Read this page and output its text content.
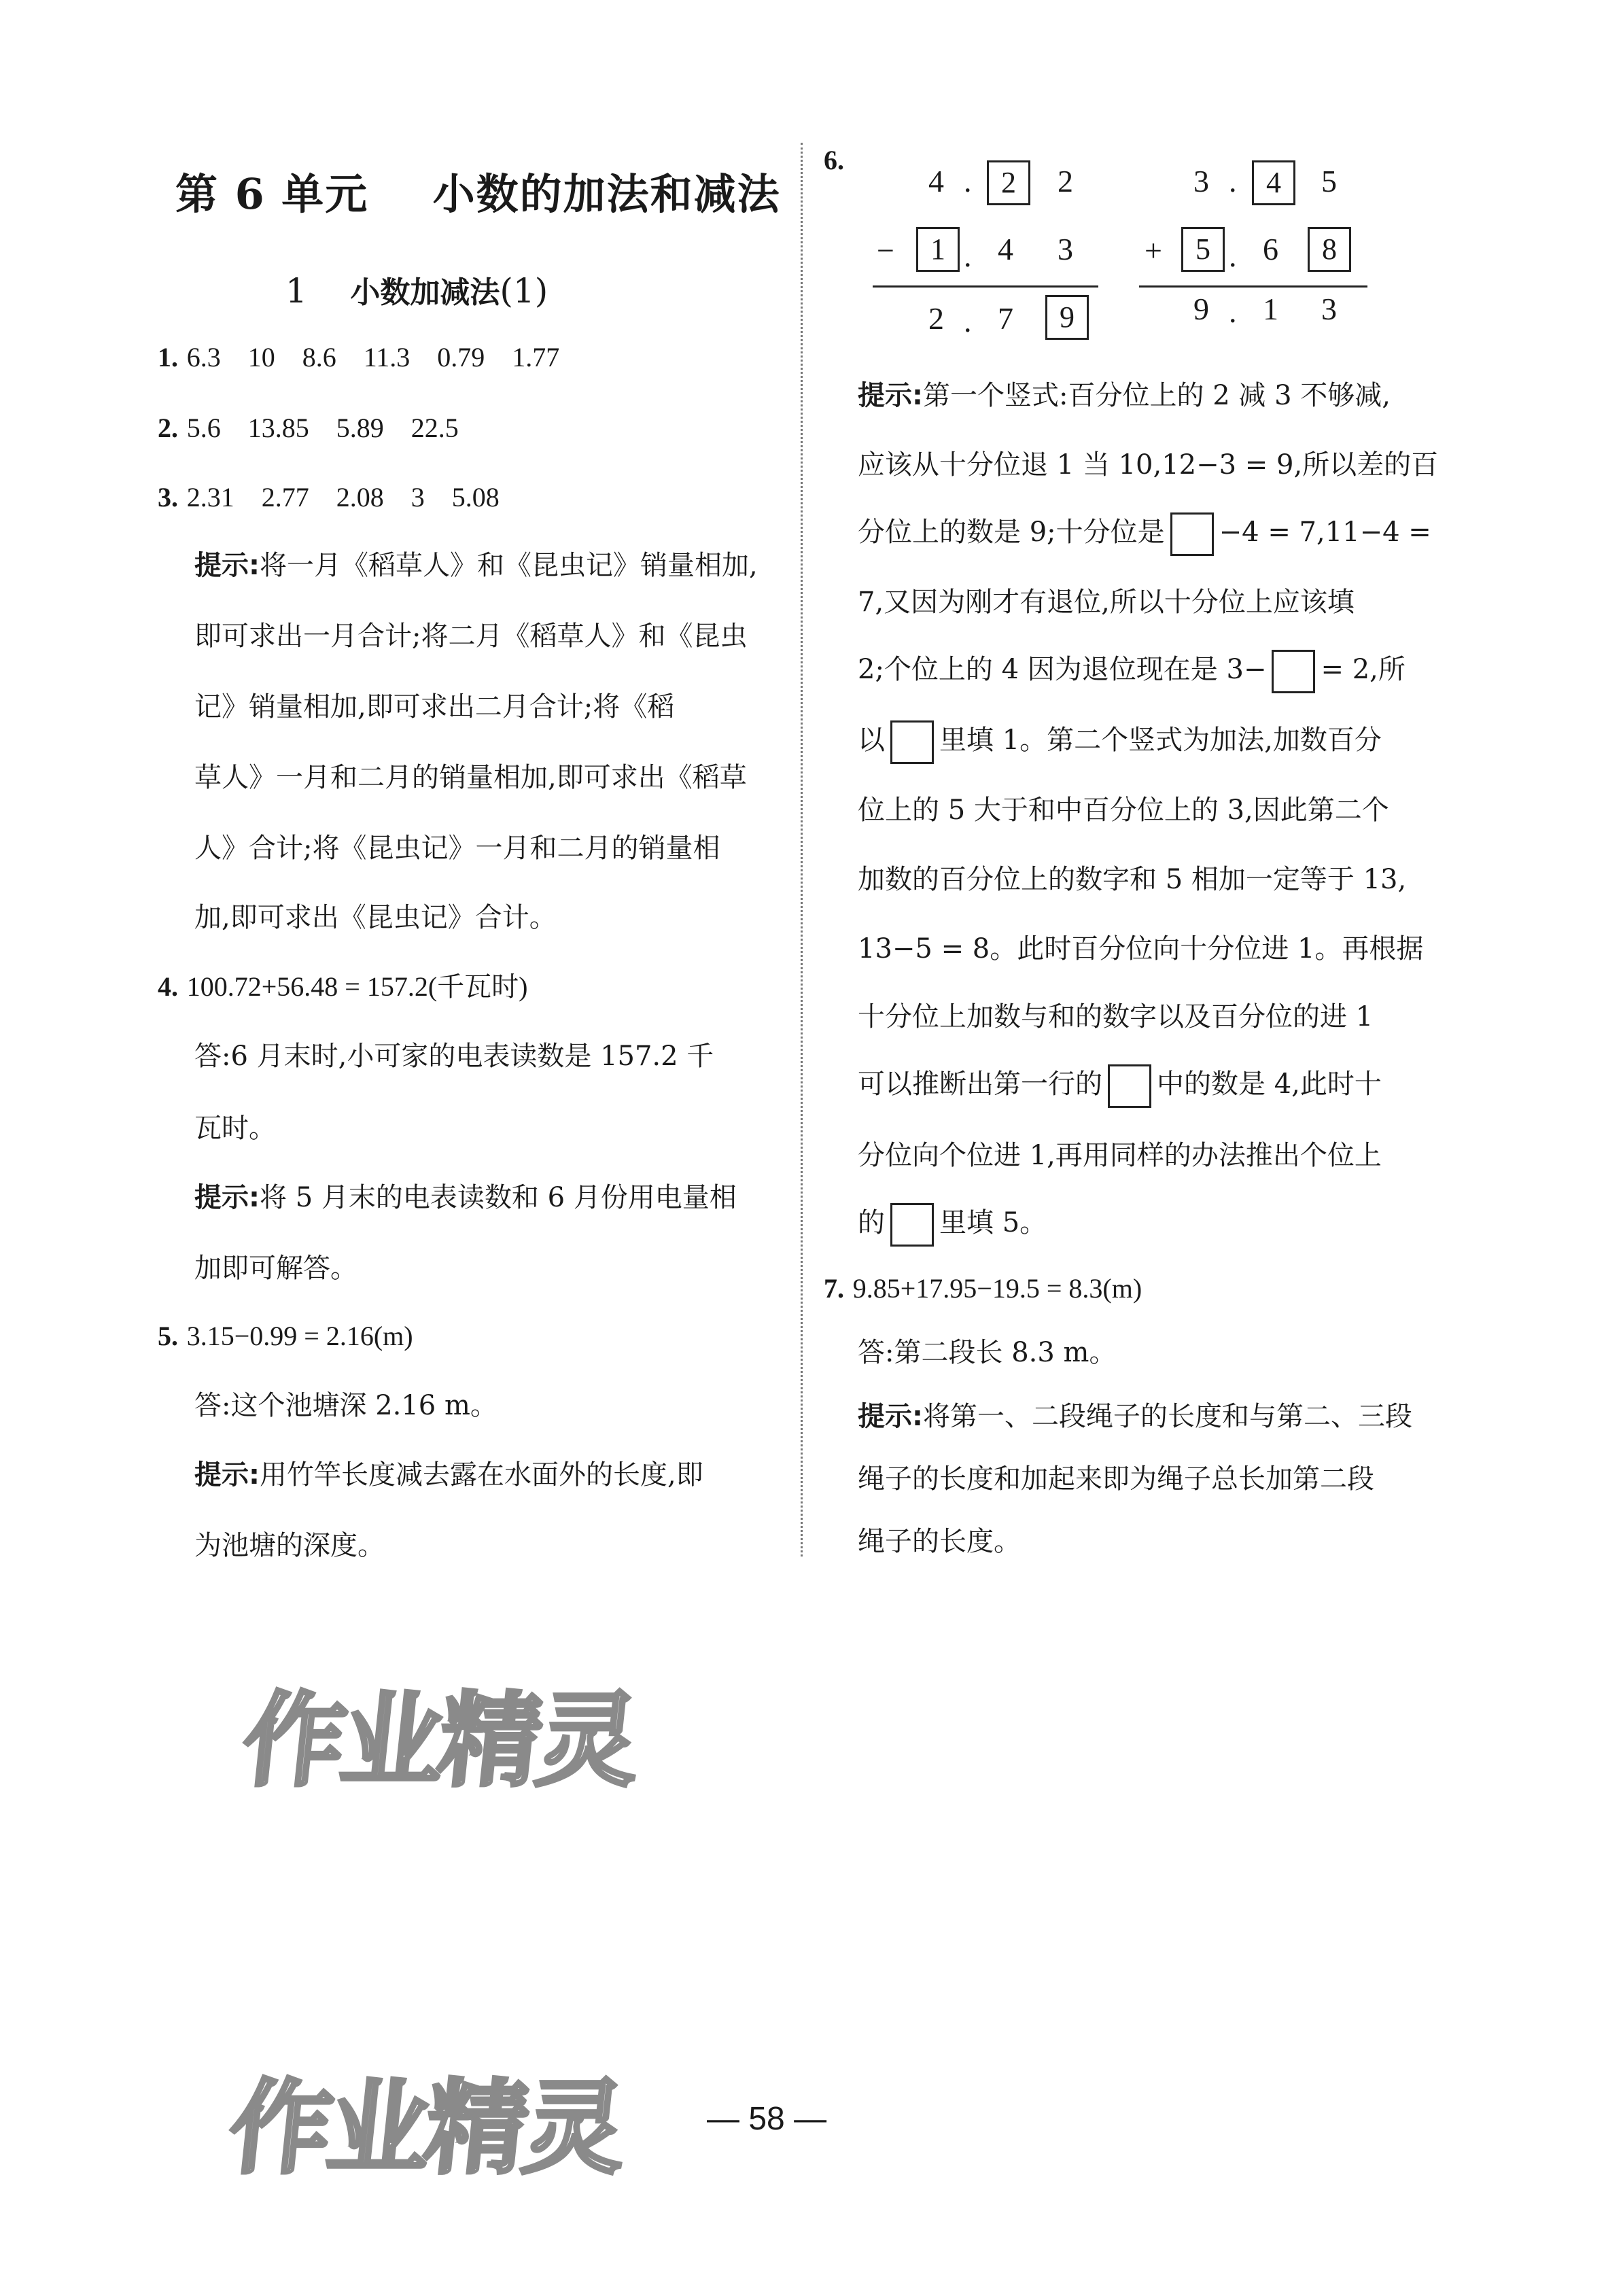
第 6 单元    小数的加法和减法
1 小数加减法(1)
1. 6.3    10    8.6    11.3    0.79    1.77
2. 5.6    13.85    5.89    22.5
3. 2.31    2.77    2.08    3    5.08
提示:将一月《稻草人》和《昆虫记》销量相加,
即可求出一月合计;将二月《稻草人》和《昆虫
记》销量相加,即可求出二月合计;将《稻
草人》一月和二月的销量相加,即可求出《稻草
人》合计;将《昆虫记》一月和二月的销量相
加,即可求出《昆虫记》合计。
4. 100.72+56.48 = 157.2(千瓦时)
答:6 月末时,小可家的电表读数是 157.2 千
瓦时。
提示:将 5 月末的电表读数和 6 月份用电量相
加即可解答。
5. 3.15−0.99 = 2.16(m)
答:这个池塘深 2.16 m。
提示:用竹竿长度减去露在水面外的长度,即
为池塘的深度。
6.
4 . 2	2
−	1 . 4 3
2 . 7	9
3 . 4	5
+	5 . 6	8
9 . 1 3
提示:第一个竖式:百分位上的 2 减 3 不够减,
应该从十分位退 1 当 10,12−3 = 9,所以差的百
分位上的数是 9;十分位是 −4 = 7,11−4 =
7,又因为刚才有退位,所以十分位上应该填
2;个位上的 4 因为退位现在是 3− = 2,所
以 里填 1。第二个竖式为加法,加数百分
位上的 5 大于和中百分位上的 3,因此第二个
加数的百分位上的数字和 5 相加一定等于 13,
13−5 = 8。此时百分位向十分位进 1。再根据
十分位上加数与和的数字以及百分位的进 1
可以推断出第一行的 中的数是 4,此时十
分位向个位进 1,再用同样的办法推出个位上
的 里填 5。
7. 9.85+17.95−19.5 = 8.3(m)
答:第二段长 8.3 m。
提示:将第一、二段绳子的长度和与第二、三段
绳子的长度和加起来即为绳子总长加第二段
绳子的长度。
作业精灵
作业精灵 — 58 —
